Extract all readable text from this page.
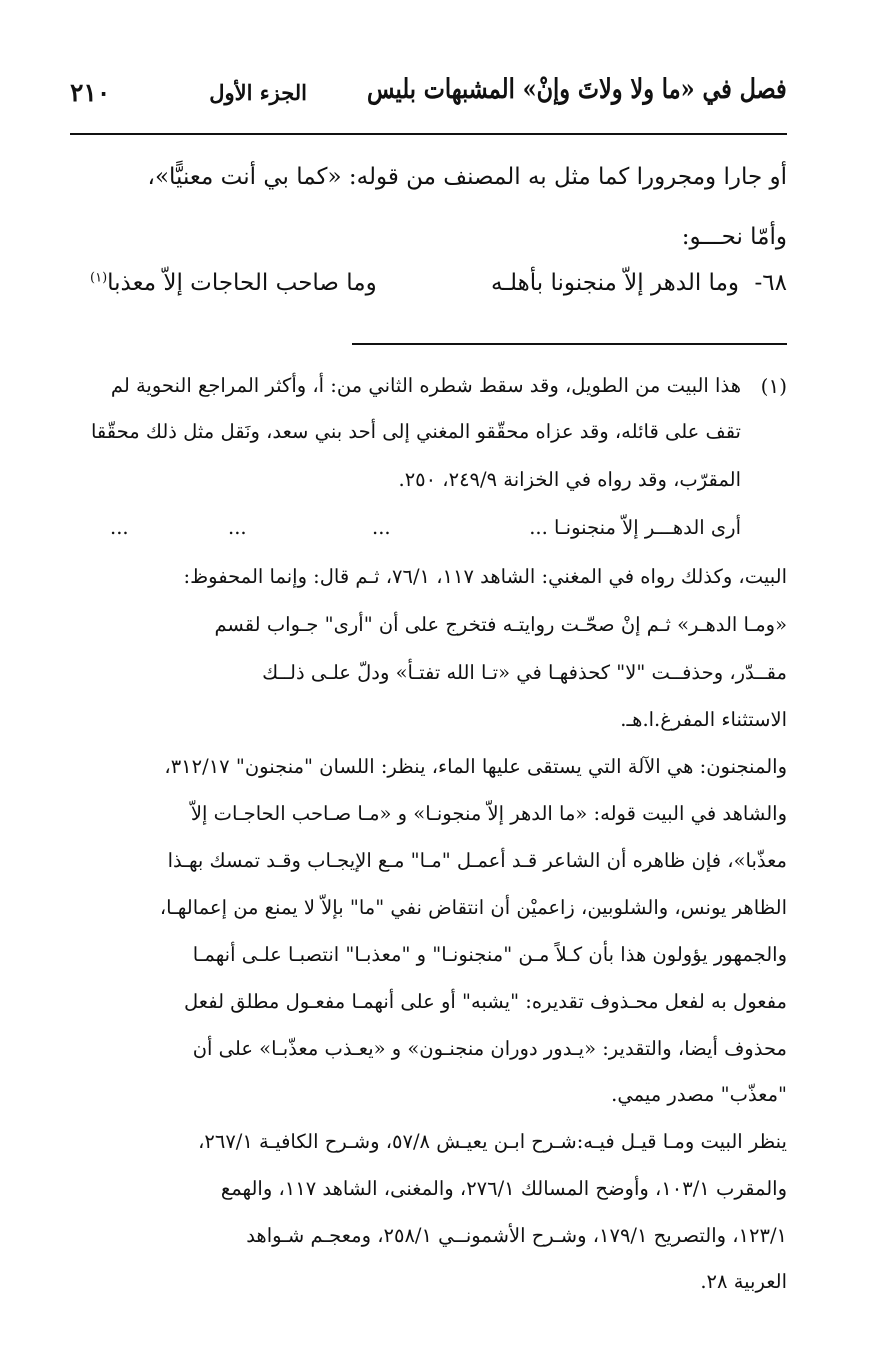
فصل في «ما ولا ولاتَ وإنْ» المشبهات بليس
الجزء الأول
٢١٠
أو جارا ومجرورا كما مثل به المصنف من قوله: «كما بي أنت معنيًّا»،
وأمّا نحـــو:
٦٨-
وما الدهر إلاّ منجنونا بأهلـه
وما صاحب الحاجات إلاّ معذبا$^{(١)}$
(١)
هذا البيت من الطويل، وقد سقط شطره الثاني من: أ، وأكثر المراجع النحوية لم
تقف على قائله، وقد عزاه محقّقو المغني إلى أحد بني سعد، ونَقل مثل ذلك محقّقا
المقرّب، وقد رواه في الخزانة ٢٤٩/٩، ٢٥٠.
أرى الدهـــر إلاّ منجنونـا ...
...
...
...
البيت، وكذلك رواه في المغني: الشاهد ١١٧، ٧٦/١، ثـم قال: وإنما المحفوظ:
«ومـا الدهـر» ثـم إنْ صحّـت روايتـه فتخرج على أن "أرى" جـواب لقسم
مقــدّر، وحذفــت "لا" كحذفهـا في «تـا الله تفتـأ» ودلّ علـى ذلــك
الاستثناء المفرغ.ا.هـ.
والمنجنون: هي الآلة التي يستقى عليها الماء، ينظر: اللسان "منجنون" ٣١٢/١٧،
والشاهد في البيت قوله: «ما الدهر إلاّ منجونـا» و «مـا صـاحب الحاجـات إلاّ
معذّبا»، فإن ظاهره أن الشاعر قـد أعمـل "مـا" مـع الإيجـاب وقـد تمسك بهـذا
الظاهر يونس، والشلوبين، زاعميْن أن انتقاض نفي "ما" بإلاّ لا يمنع من إعمالهـا،
والجمهور يؤولون هذا بأن كـلاً مـن "منجنونـا" و "معذبـا" انتصبـا علـى أنهمـا
مفعول به لفعل محـذوف تقديره: "يشبه" أو على أنهمـا مفعـول مطلق لفعل
محذوف أيضا، والتقدير: «يـدور دوران منجنـون» و «يعـذب معذّبـا» على أن
"معذّب" مصدر ميمي.
ينظر البيت ومـا قيـل فيـه:شـرح ابـن يعيـش ٥٧/٨، وشـرح الكافيـة ٢٦٧/١،
والمقرب ١٠٣/١، وأوضح المسالك ٢٧٦/١، والمغنى، الشاهد ١١٧، والهمع
١٢٣/١، والتصريح ١٧٩/١، وشـرح الأشمونــي ٢٥٨/١، ومعجـم شـواهد
العربية ٢٨.
